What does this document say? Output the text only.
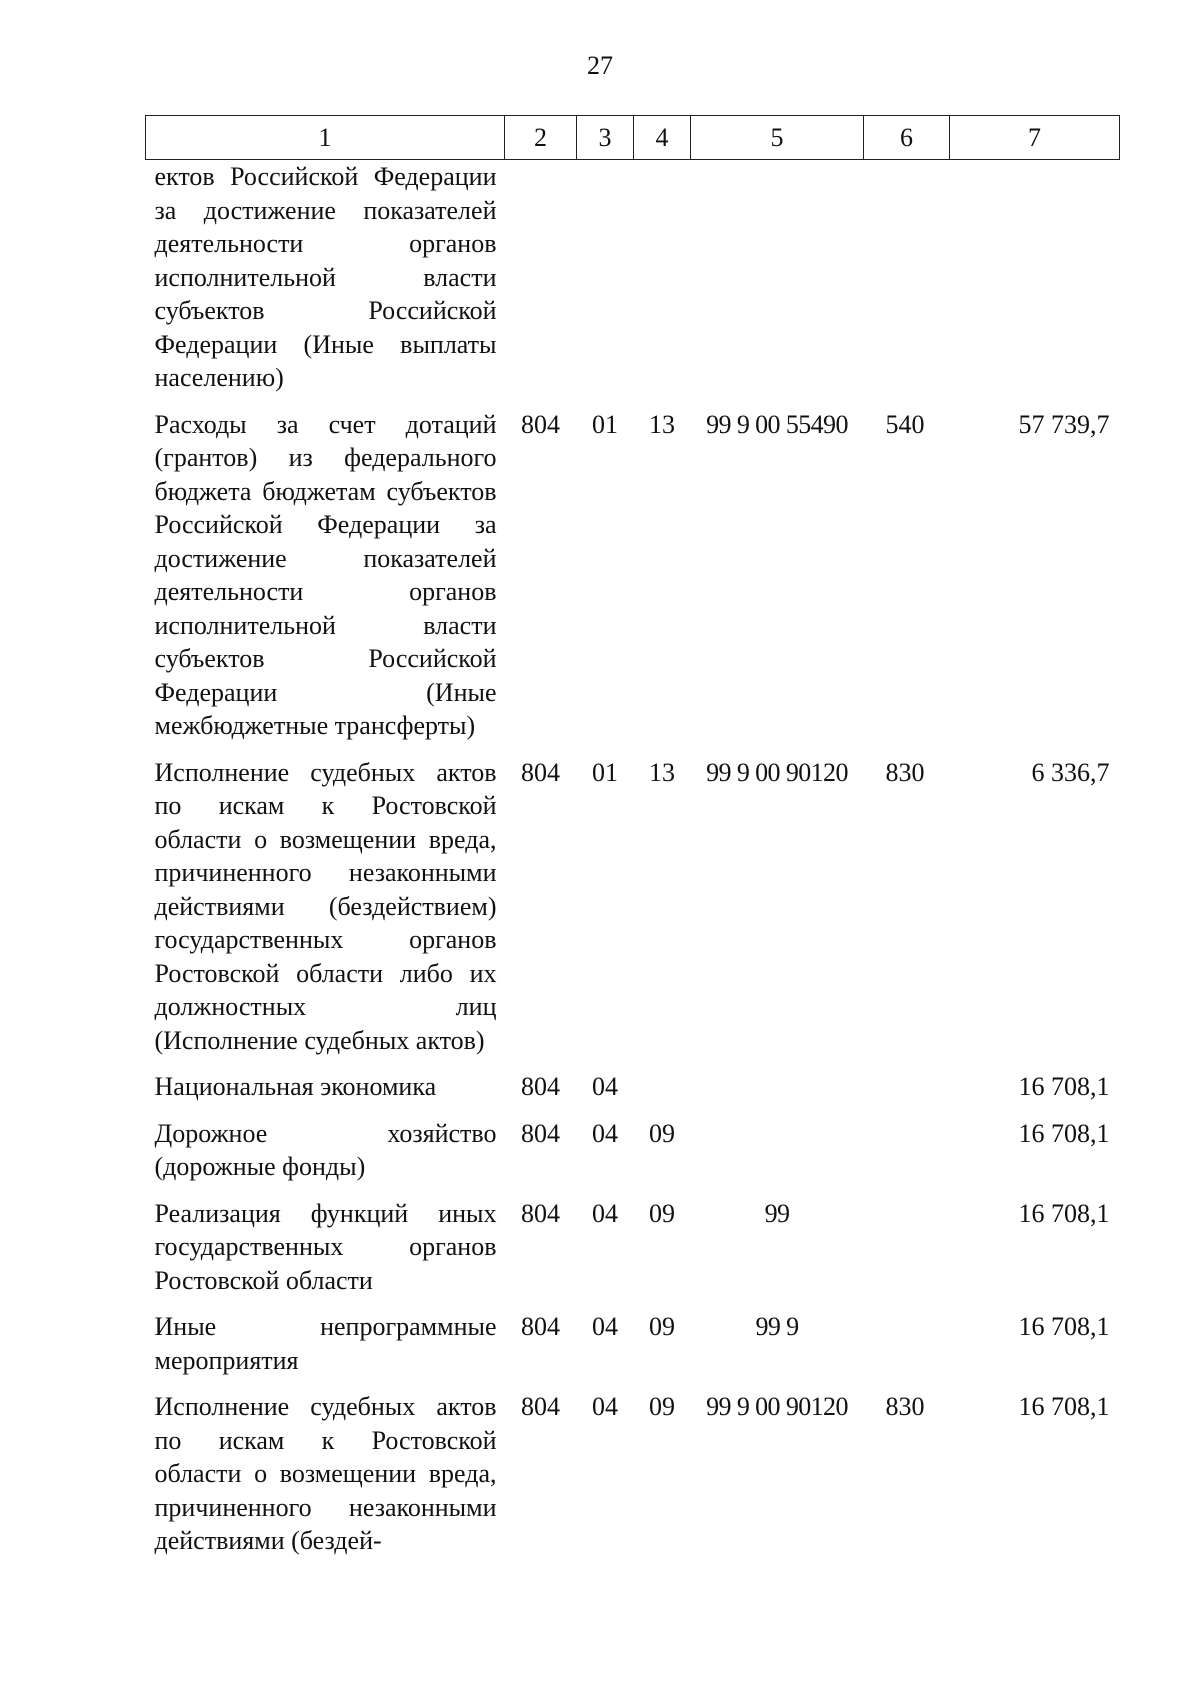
27
1	2	3	4	5	6	7
ектов Российской Федерации за достижение показателей деятельности органов исполнительной власти субъектов Российской Федерации (Иные выплаты населению)						
Расходы за счет дотаций (грантов) из федерального бюджета бюджетам субъектов Российской Федерации за достижение показателей деятельности органов исполнительной власти субъектов Российской Федерации (Иные межбюджетные трансферты)	804	01	13	99 9 00 55490	540	57 739,7
Исполнение судебных актов по искам к Ростовской области о возмещении вреда, причиненного незаконными действиями (бездействием) государственных органов Ростовской области либо их должностных лиц (Исполнение судебных актов)	804	01	13	99 9 00 90120	830	6 336,7
Национальная экономика	804	04				16 708,1
Дорожное хозяйство (дорожные фонды)	804	04	09			16 708,1
Реализация функций иных государственных органов Ростовской области	804	04	09	99		16 708,1
Иные непрограммные мероприятия	804	04	09	99 9		16 708,1
Исполнение судебных актов по искам к Ростовской области о возмещении вреда, причиненного незаконными действиями (бездей-	804	04	09	99 9 00 90120	830	16 708,1
